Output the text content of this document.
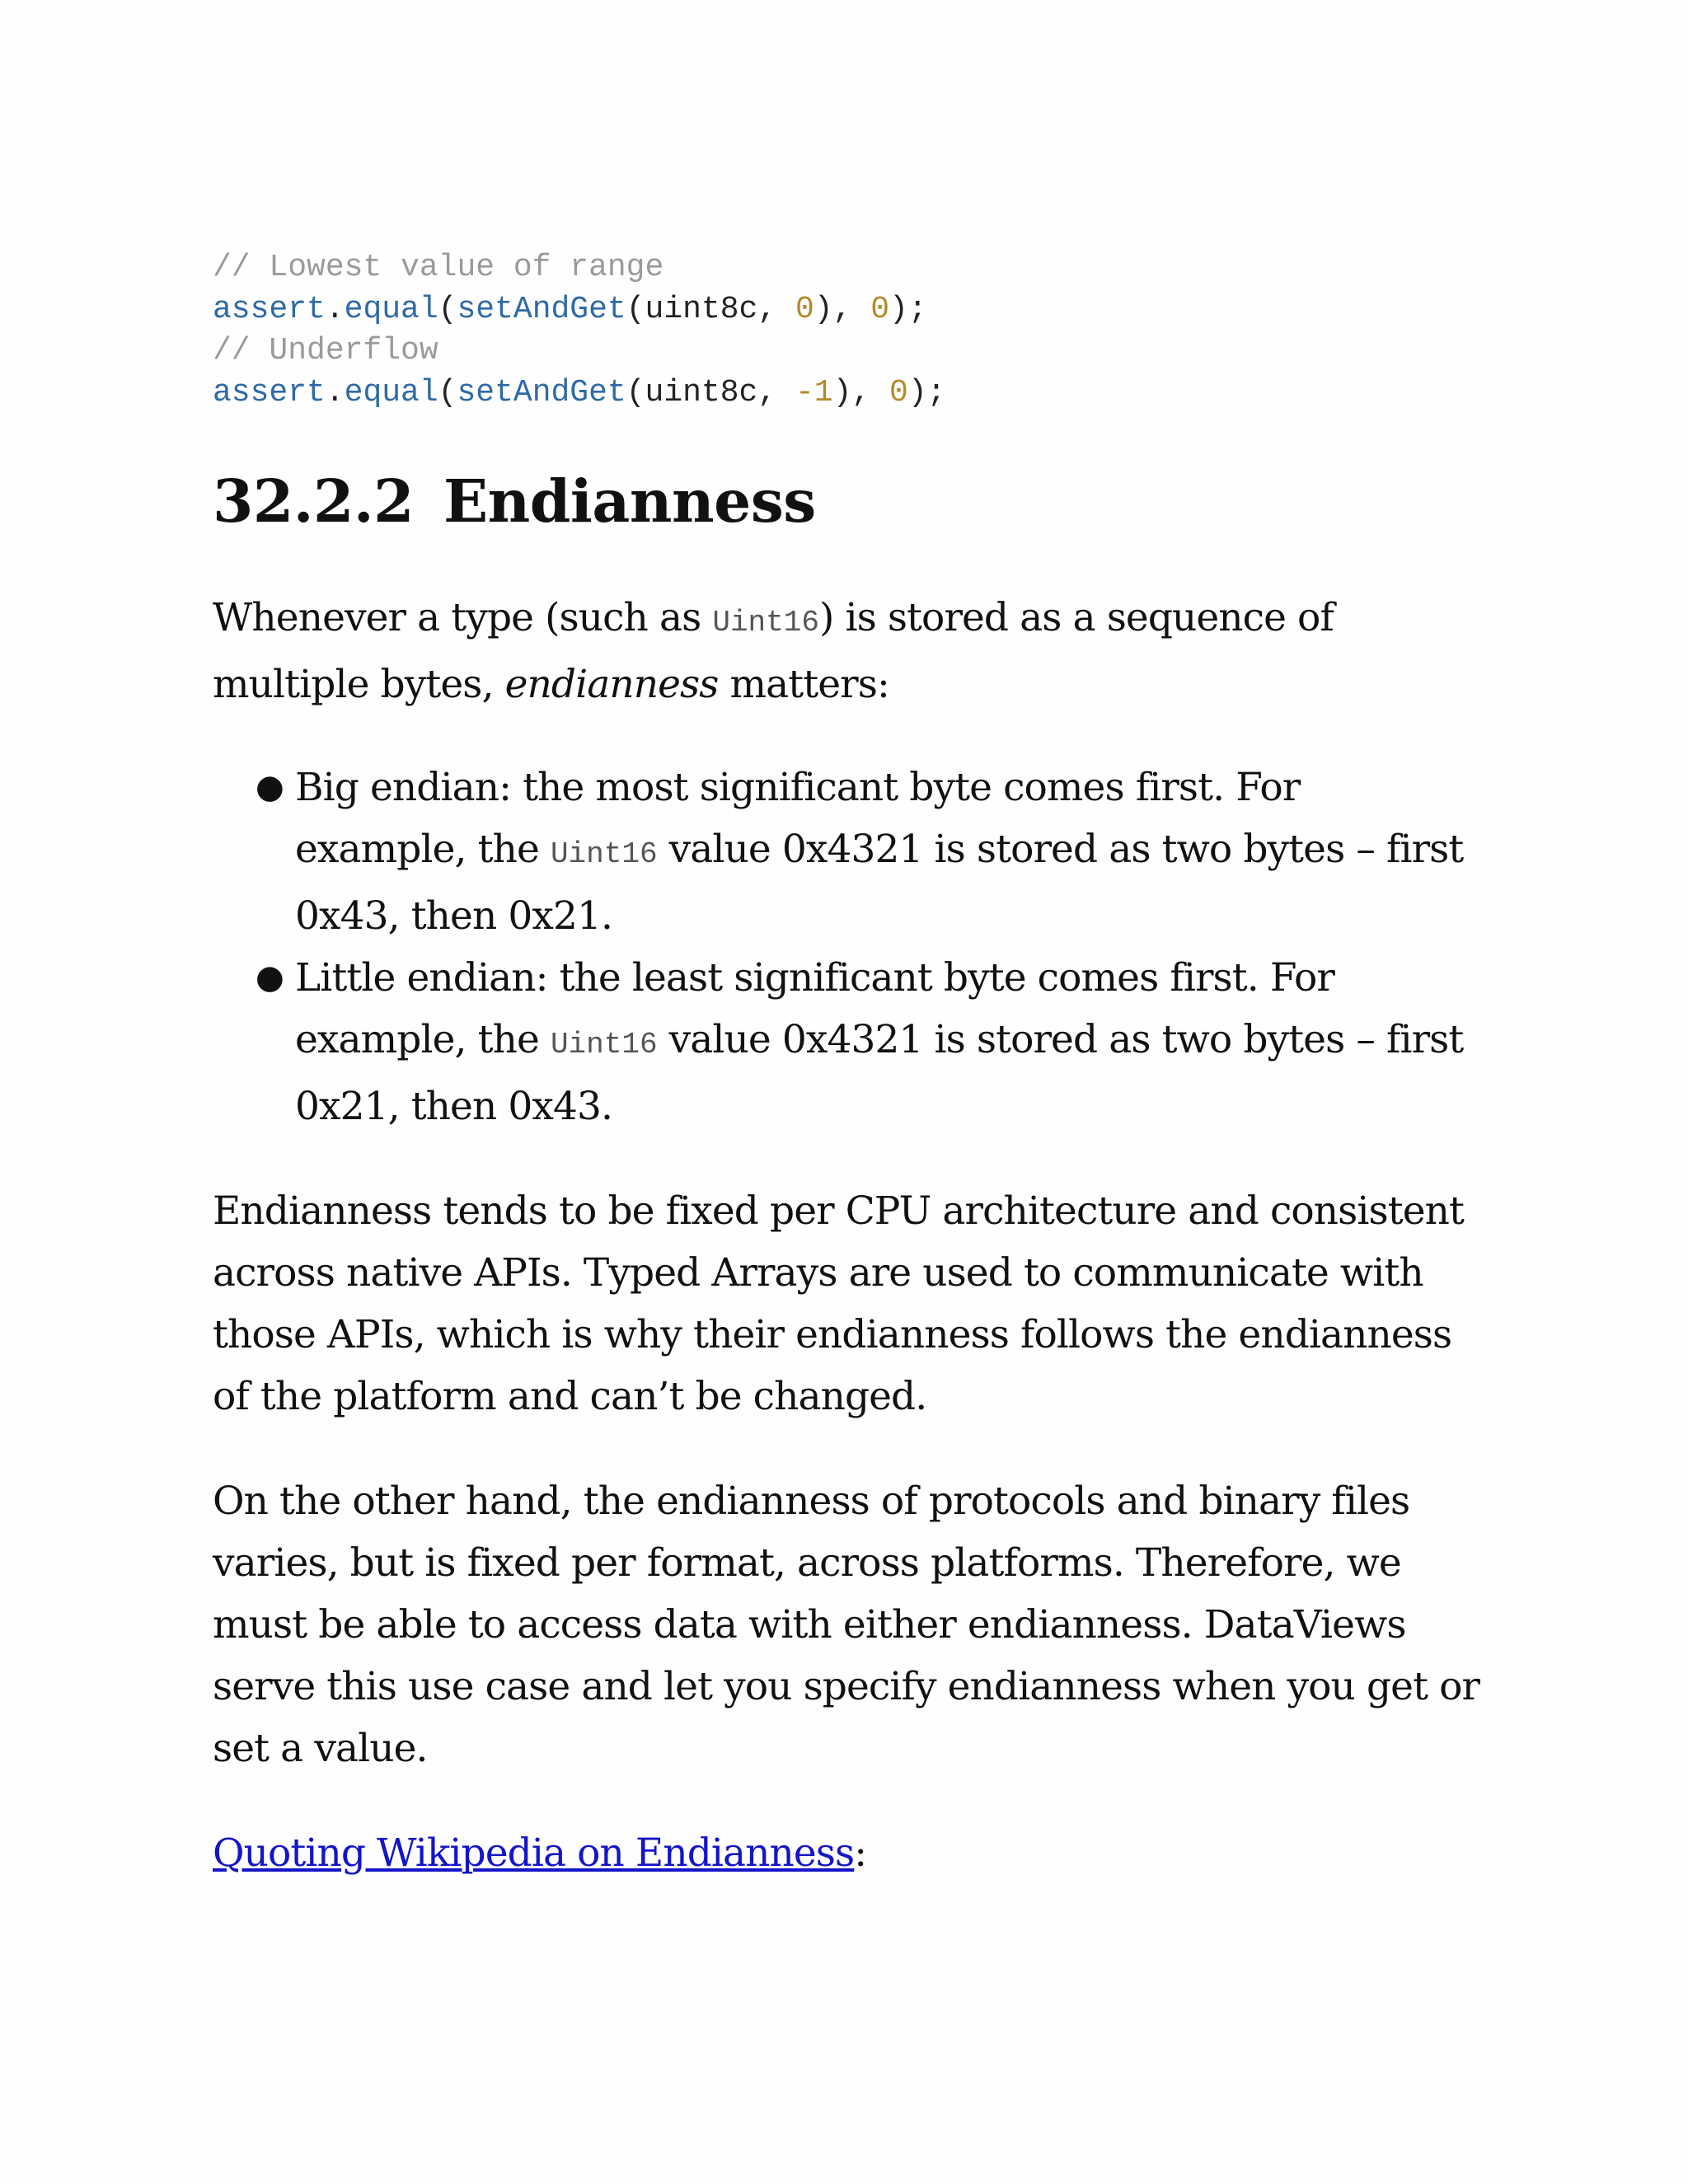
// Lowest value of range
assert.equal(setAndGet(uint8c, 0), 0);
// Underflow
assert.equal(setAndGet(uint8c, -1), 0);
32.2.2 Endianness

Whenever a type (such as Uint16) is stored as a sequence of multiple bytes, endianness matters:

● Big endian: the most significant byte comes first. For example, the Uint16 value 0x4321 is stored as two bytes – first 0x43, then 0x21.
● Little endian: the least significant byte comes first. For example, the Uint16 value 0x4321 is stored as two bytes – first 0x21, then 0x43.

Endianness tends to be fixed per CPU architecture and consistent across native APIs. Typed Arrays are used to communicate with those APIs, which is why their endianness follows the endianness of the platform and can’t be changed.

On the other hand, the endianness of protocols and binary files varies, but is fixed per format, across platforms. Therefore, we must be able to access data with either endianness. DataViews serve this use case and let you specify endianness when you get or set a value.

Quoting Wikipedia on Endianness:
